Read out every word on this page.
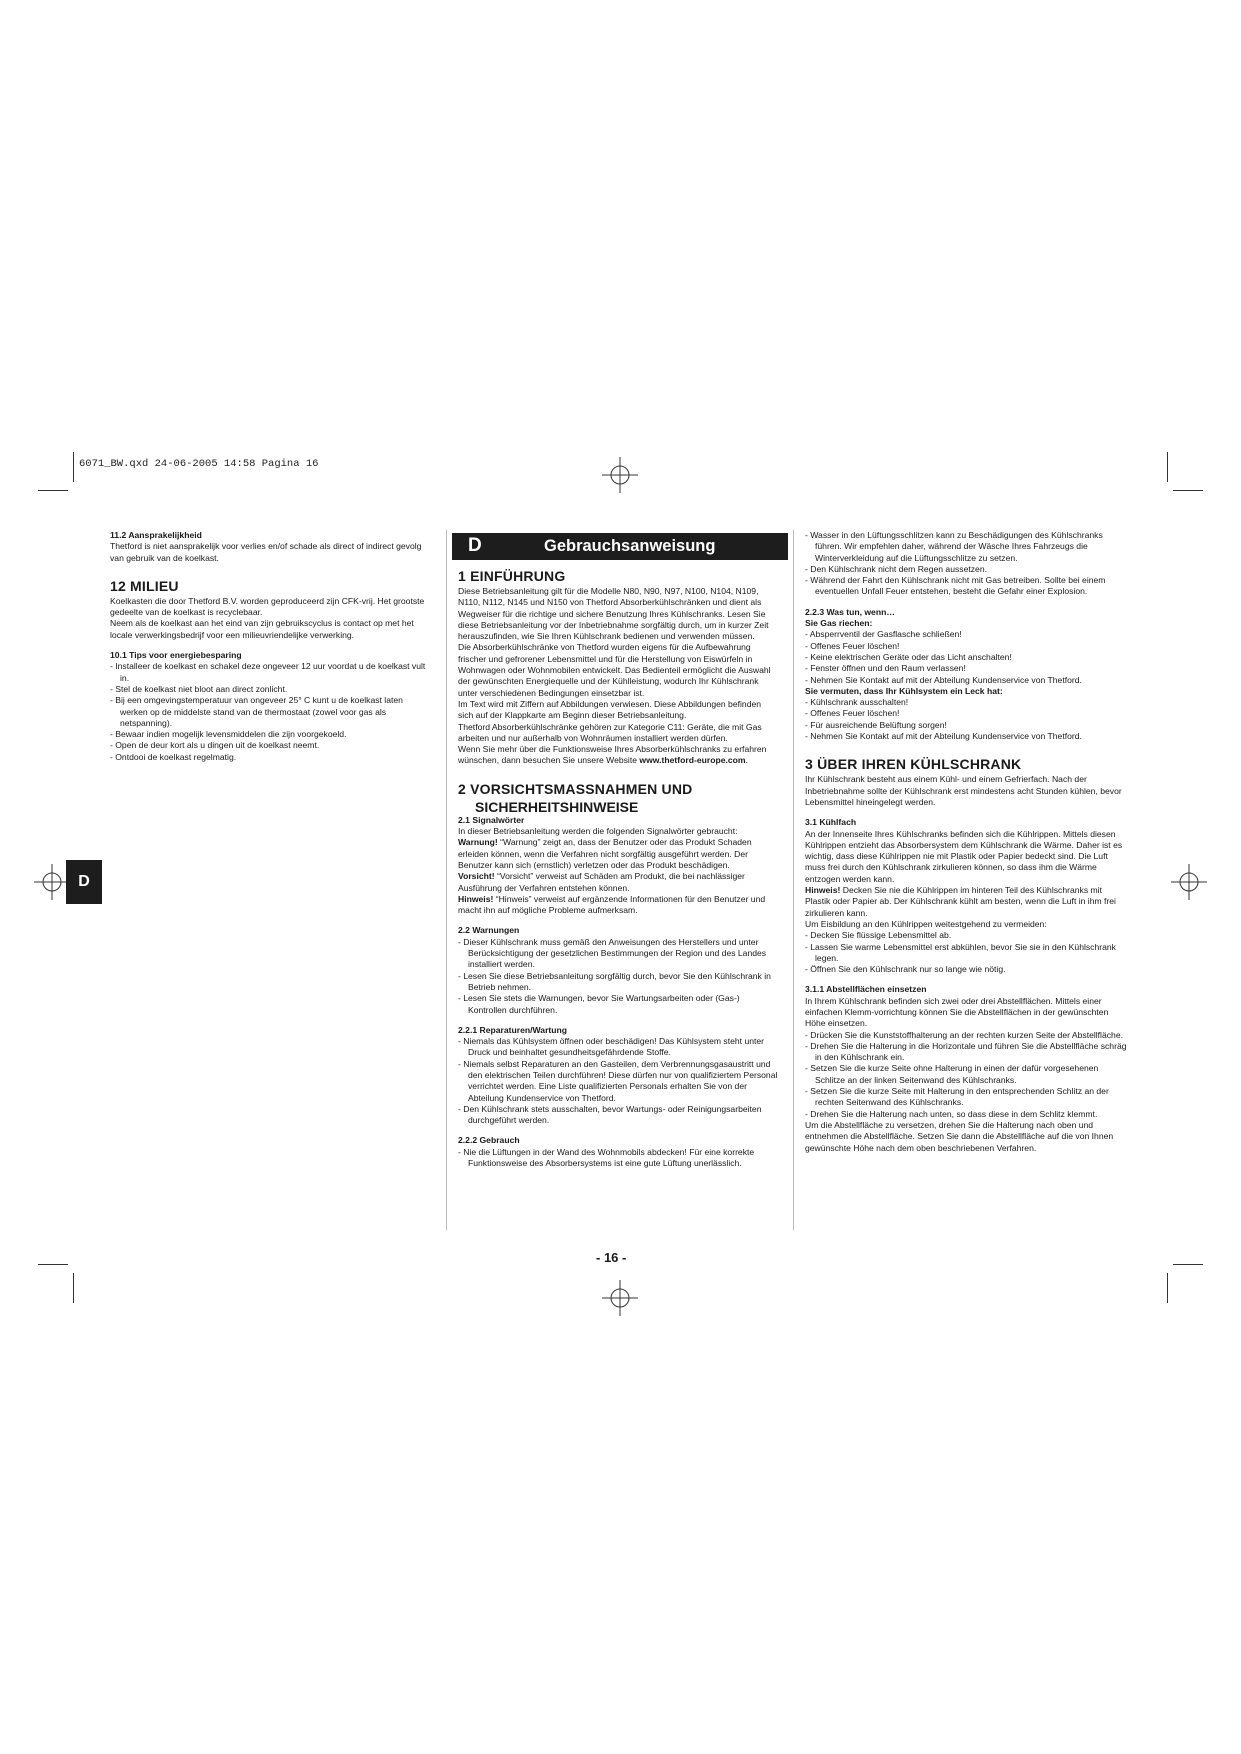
6071_BW.qxd 24-06-2005 14:58 Pagina 16
D

11.2 Aansprakelijkheid

Thetford is niet aansprakelijk voor verlies en/of schade als direct of indirect gevolg van gebruik van de koelkast.

12 MILIEU

Koelkasten die door Thetford B.V. worden geproduceerd zijn CFK-vrij. Het grootste gedeelte van de koelkast is recyclebaar.

Neem als de koelkast aan het eind van zijn gebruikscyclus is contact op met het locale verwerkingsbedrijf voor een milieuvriendelijke verwerking.

10.1 Tips voor energiebesparing

- Installeer de koelkast en schakel deze ongeveer 12 uur voordat u de koelkast vult in.

- Stel de koelkast niet bloot aan direct zonlicht.

- Bij een omgevingstemperatuur van ongeveer 25° C kunt u de koelkast laten werken op de middelste stand van de thermostaat (zowel voor gas als netspanning).

- Bewaar indien mogelijk levensmiddelen die zijn voorgekoeld.

- Open de deur kort als u dingen uit de koelkast neemt.

- Ontdooi de koelkast regelmatig.

D	Gebrauchsanweisung

1 EINFÜHRUNG

Diese Betriebsanleitung gilt für die Modelle N80, N90, N97, N100, N104, N109, N110, N112, N145 und N150 von Thetford Absorberkühlschränken und dient als Wegweiser für die richtige und sichere Benutzung Ihres Kühlschranks. Lesen Sie diese Betriebsanleitung vor der Inbetriebnahme sorgfältig durch, um in kurzer Zeit herauszufinden, wie Sie Ihren Kühlschrank bedienen und verwenden müssen.

Die Absorberkühlschränke von Thetford wurden eigens für die Aufbewahrung frischer und gefrorener Lebensmittel und für die Herstellung von Eiswürfeln in Wohnwagen oder Wohnmobilen entwickelt. Das Bedienteil ermöglicht die Auswahl der gewünschten Energiequelle und der Kühlleistung, wodurch Ihr Kühlschrank unter verschiedenen Bedingungen einsetzbar ist.

Im Text wird mit Ziffern auf Abbildungen verwiesen. Diese Abbildungen befinden sich auf der Klappkarte am Beginn dieser Betriebsanleitung.

Thetford Absorberkühlschränke gehören zur Kategorie C11: Geräte, die mit Gas arbeiten und nur außerhalb von Wohnräumen installiert werden dürfen.

Wenn Sie mehr über die Funktionsweise Ihres Absorberkühlschranks zu erfahren wünschen, dann besuchen Sie unsere Website www.thetford-europe.com.

2 VORSICHTSMASSNAHMEN UND

SICHERHEITSHINWEISE

2.1 Signalwörter

In dieser Betriebsanleitung werden die folgenden Signalwörter gebraucht:

Warnung! “Warnung” zeigt an, dass der Benutzer oder das Produkt Schaden erleiden können, wenn die Verfahren nicht sorgfältig ausgeführt werden. Der Benutzer kann sich (ernstlich) verletzen oder das Produkt beschädigen.

Vorsicht! “Vorsicht” verweist auf Schäden am Produkt, die bei nachlässiger Ausführung der Verfahren entstehen können.

Hinweis! “Hinweis” verweist auf ergänzende Informationen für den Benutzer und macht ihn auf mögliche Probleme aufmerksam.

2.2 Warnungen

- Dieser Kühlschrank muss gemäß den Anweisungen des Herstellers und unter Berücksichtigung der gesetzlichen Bestimmungen der Region und des Landes installiert werden.

- Lesen Sie diese Betriebsanleitung sorgfältig durch, bevor Sie den Kühlschrank in Betrieb nehmen.

- Lesen Sie stets die Warnungen, bevor Sie Wartungsarbeiten oder (Gas-) Kontrollen durchführen.

2.2.1 Reparaturen/Wartung

- Niemals das Kühlsystem öffnen oder beschädigen! Das Kühlsystem steht unter Druck und beinhaltet gesundheitsgefährdende Stoffe.

- Niemals selbst Reparaturen an den Gasteilen, dem Verbrennungsgasaustritt und den elektrischen Teilen durchführen! Diese dürfen nur von qualifiziertem Personal verrichtet werden. Eine Liste qualifizierten Personals erhalten Sie von der Abteilung Kundenservice von Thetford.

- Den Kühlschrank stets ausschalten, bevor Wartungs- oder Reinigungsarbeiten durchgeführt werden.

2.2.2 Gebrauch

- Nie die Lüftungen in der Wand des Wohnmobils abdecken! Für eine korrekte Funktionsweise des Absorbersystems ist eine gute Lüftung unerlässlich.

- Wasser in den Lüftungsschlitzen kann zu Beschädigungen des Kühlschranks führen. Wir empfehlen daher, während der Wäsche Ihres Fahrzeugs die Winterverkleidung auf die Lüftungsschlitze zu setzen.

- Den Kühlschrank nicht dem Regen aussetzen.

- Während der Fahrt den Kühlschrank nicht mit Gas betreiben. Sollte bei einem eventuellen Unfall Feuer entstehen, besteht die Gefahr einer Explosion.

2.2.3 Was tun, wenn…

Sie Gas riechen:

- Absperrventil der Gasflasche schließen!

- Offenes Feuer löschen!

- Keine elektrischen Geräte oder das Licht anschalten!

- Fenster öffnen und den Raum verlassen!

- Nehmen Sie Kontakt auf mit der Abteilung Kundenservice von Thetford.

Sie vermuten, dass Ihr Kühlsystem ein Leck hat:

- Kühlschrank ausschalten!

- Offenes Feuer löschen!

- Für ausreichende Belüftung sorgen!

- Nehmen Sie Kontakt auf mit der Abteilung Kundenservice von Thetford.

3 ÜBER IHREN KÜHLSCHRANK

Ihr Kühlschrank besteht aus einem Kühl- und einem Gefrierfach. Nach der Inbetriebnahme sollte der Kühlschrank erst mindestens acht Stunden kühlen, bevor Lebensmittel hineingelegt werden.

3.1 Kühlfach

An der Innenseite Ihres Kühlschranks befinden sich die Kühlrippen. Mittels diesen Kühlrippen entzieht das Absorbersystem dem Kühlschrank die Wärme. Daher ist es wichtig, dass diese Kühlrippen nie mit Plastik oder Papier bedeckt sind. Die Luft muss frei durch den Kühlschrank zirkulieren können, so dass ihm die Wärme entzogen werden kann.

Hinweis! Decken Sie nie die Kühlrippen im hinteren Teil des Kühlschranks mit Plastik oder Papier ab. Der Kühlschrank kühlt am besten, wenn die Luft in ihm frei zirkulieren kann.

Um Eisbildung an den Kühlrippen weitestgehend zu vermeiden:

- Decken Sie flüssige Lebensmittel ab.

- Lassen Sie warme Lebensmittel erst abkühlen, bevor Sie sie in den Kühlschrank legen.

- Öffnen Sie den Kühlschrank nur so lange wie nötig.

3.1.1 Abstellflächen einsetzen

In Ihrem Kühlschrank befinden sich zwei oder drei Abstellflächen. Mittels einer einfachen Klemm-vorrichtung können Sie die Abstellflächen in der gewünschten Höhe einsetzen.

- Drücken Sie die Kunststoffhalterung an der rechten kurzen Seite der Abstellfläche.

- Drehen Sie die Halterung in die Horizontale und führen Sie die Abstellfläche schräg in den Kühlschrank ein.

- Setzen Sie die kurze Seite ohne Halterung in einen der dafür vorgesehenen Schlitze an der linken Seitenwand des Kühlschranks.

- Setzen Sie die kurze Seite mit Halterung in den entsprechenden Schlitz an der rechten Seitenwand des Kühlschranks.

- Drehen Sie die Halterung nach unten, so dass diese in dem Schlitz klemmt.

Um die Abstellfläche zu versetzen, drehen Sie die Halterung nach oben und entnehmen die Abstellfläche. Setzen Sie dann die Abstellfläche auf die von Ihnen gewünschte Höhe nach dem oben beschriebenen Verfahren.

- 16 -
